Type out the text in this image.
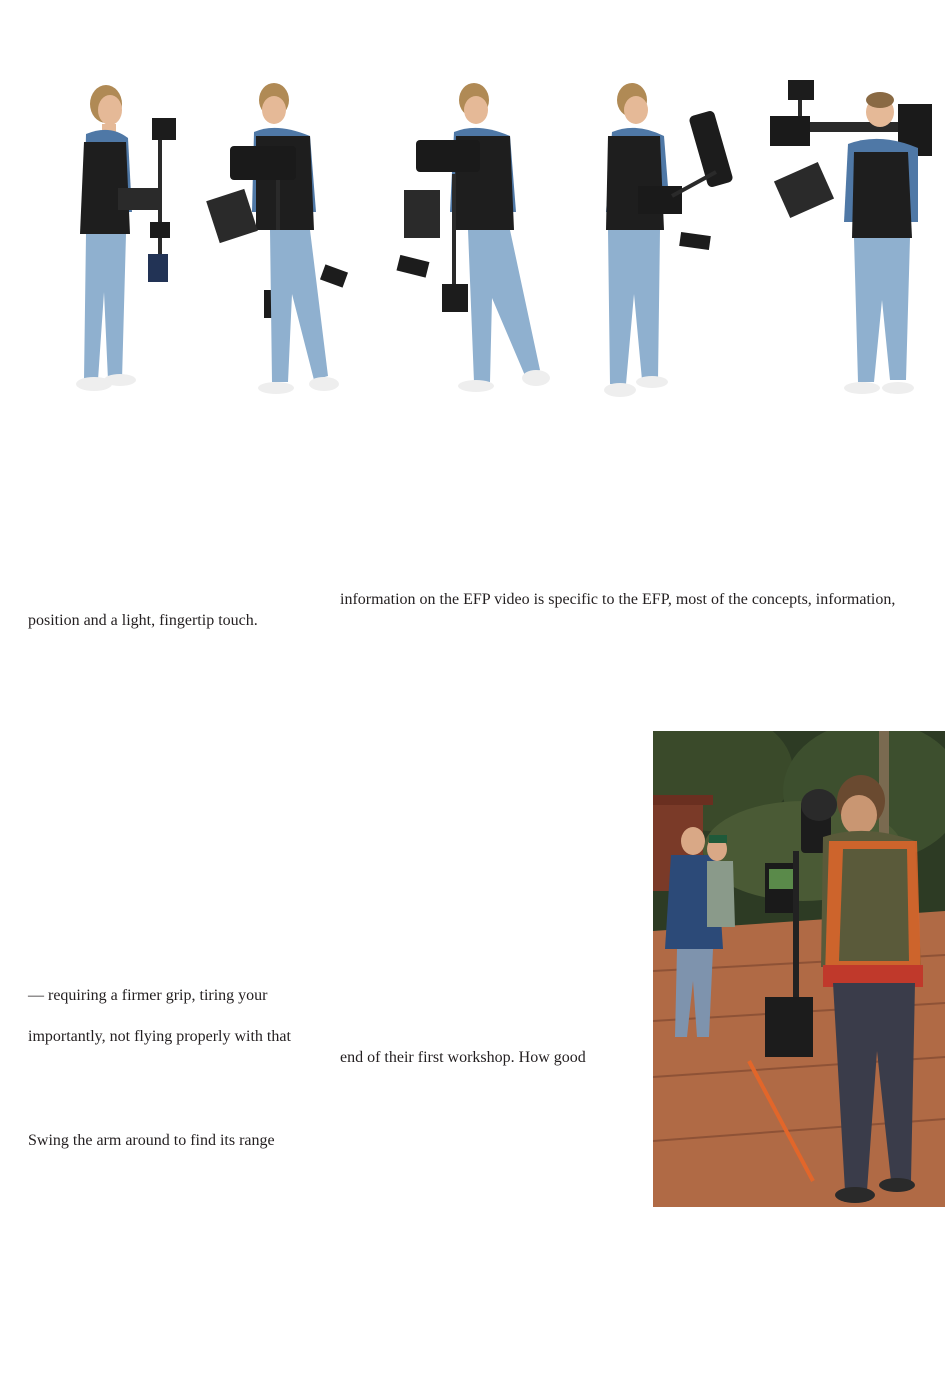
information on the EFP video is specific to the EFP, most of the concepts, information,
position and a light, fingertip touch.
— requiring a firmer grip, tiring your
importantly, not flying properly with that
end of their first workshop. How good
Swing the arm around to find its range
